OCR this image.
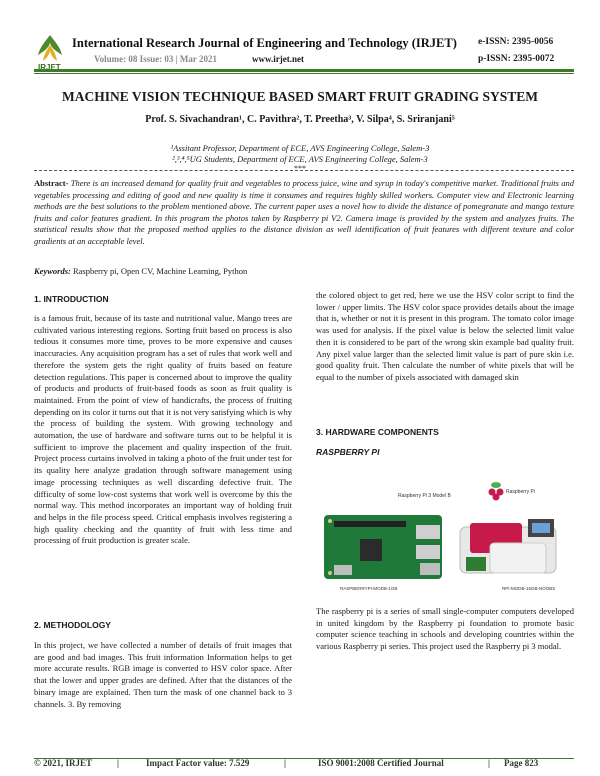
IRJET
International Research Journal of Engineering and Technology (IRJET) e-ISSN: 2395-0056
Volume: 08 Issue: 03 | Mar 2021	www.irjet.net	p-ISSN: 2395-0072
MACHINE VISION TECHNIQUE BASED SMART FRUIT GRADING SYSTEM
Prof. S. Sivachandran¹, C. Pavithra², T. Preetha³, V. Silpa⁴, S. Sriranjani⁵
¹Assitant Professor, Department of ECE, AVS Engineering College, Salem-3
²,³,⁴,⁵UG Students, Department of ECE, AVS Engineering College, Salem-3
***
Abstract- There is an increased demand for quality fruit and vegetables to process juice, wine and syrup in today's competitive market. Traditional fruits and vegetables processing and editing of good and new quality is time it consumes and requires highly skilled workers. Computer view and Electronic learning methods are the best solutions to the problem mentioned above. The current paper uses a novel how to divide the distance of pomegranate and mango texture fruits and color features gradient. In this program the photos taken by Raspberry pi V2. Camera image is provided by the system and analyzes fruits. The statistical results show that the proposed method applies to the distance division as well identification of fruit features with different texture and color gradients at an acceptable level.
Keywords: Raspberry pi, Open CV, Machine Learning, Python
1. INTRODUCTION
is a famous fruit, because of its taste and nutritional value. Mango trees are cultivated various interesting regions. Sorting fruit based on process is also tedious it consumes more time, proves to be more expensive and causes inaccuracies. Any acquisition program has a set of rules that work well and therefore the system gets the right quality of fruits based on feature detection regulations. This paper is concerned about to improve the quality of products and products of fruit-based foods as soon as fruit quality is maintained. From the point of view of handicrafts, the process of fruiting depending on its color it turns out that it is not very satisfying which is why the process of building the system. With growing technology and automation, the use of hardware and software turns out to be helpful it is sufficient to improve the placement and quality inspection of the fruit. Project process curtains involved in taking a photo of the fruit under test for its quality here analyze gradation through software management using image processing techniques as well discarding defective fruit. The difficulty of some low-cost systems that work well is overcome by this the normal way. This method incorporates an important way of holding fruit and helps in the file process speed. Critical emphasis involves registering a high quality checking and the quantity of fruit with less time and processing of fruit production is greater scale.
2. METHODOLOGY
In this project, we have collected a number of details of fruit images that are good and bad images. This fruit information Information helps to get more accurate results. RGB image is converted to HSV color space. After that the lower and upper grades are defined. After that the distances of the binary image are explained. Then turn the mask of one channel back to 3 channels. 3. By removing
the colored object to get red, here we use the HSV color script to find the lower / upper limits. The HSV color space provides details about the image that is, whether or not it is present in this program. The tomato color image was used for analysis. If the pixel value is below the selected limit value then it is considered to be part of the wrong skin example bad quality fruit. Any pixel value larger than the selected limit value is part of pure skin i.e. good quality fruit. Then calculate the number of white pixels that will be equal to the number of pixels associated with damaged skin
3. HARDWARE COMPONENTS
RASPBERRY PI
Raspberry Pi 3 Model B
Raspberry Pi
RASPBERRYPI-MODB-1GB	RPI-MODB-16GB-NOOBS
The raspberry pi is a series of small single-computer computers developed in united kingdom by the Raspberry pi foundation to promote basic computer science teaching in schools and developing countries within the various Raspberry pi series. This project used the Raspberry pi 3 modal.
© 2021, IRJET	|	Impact Factor value: 7.529	|	ISO 9001:2008 Certified Journal	| Page 823
